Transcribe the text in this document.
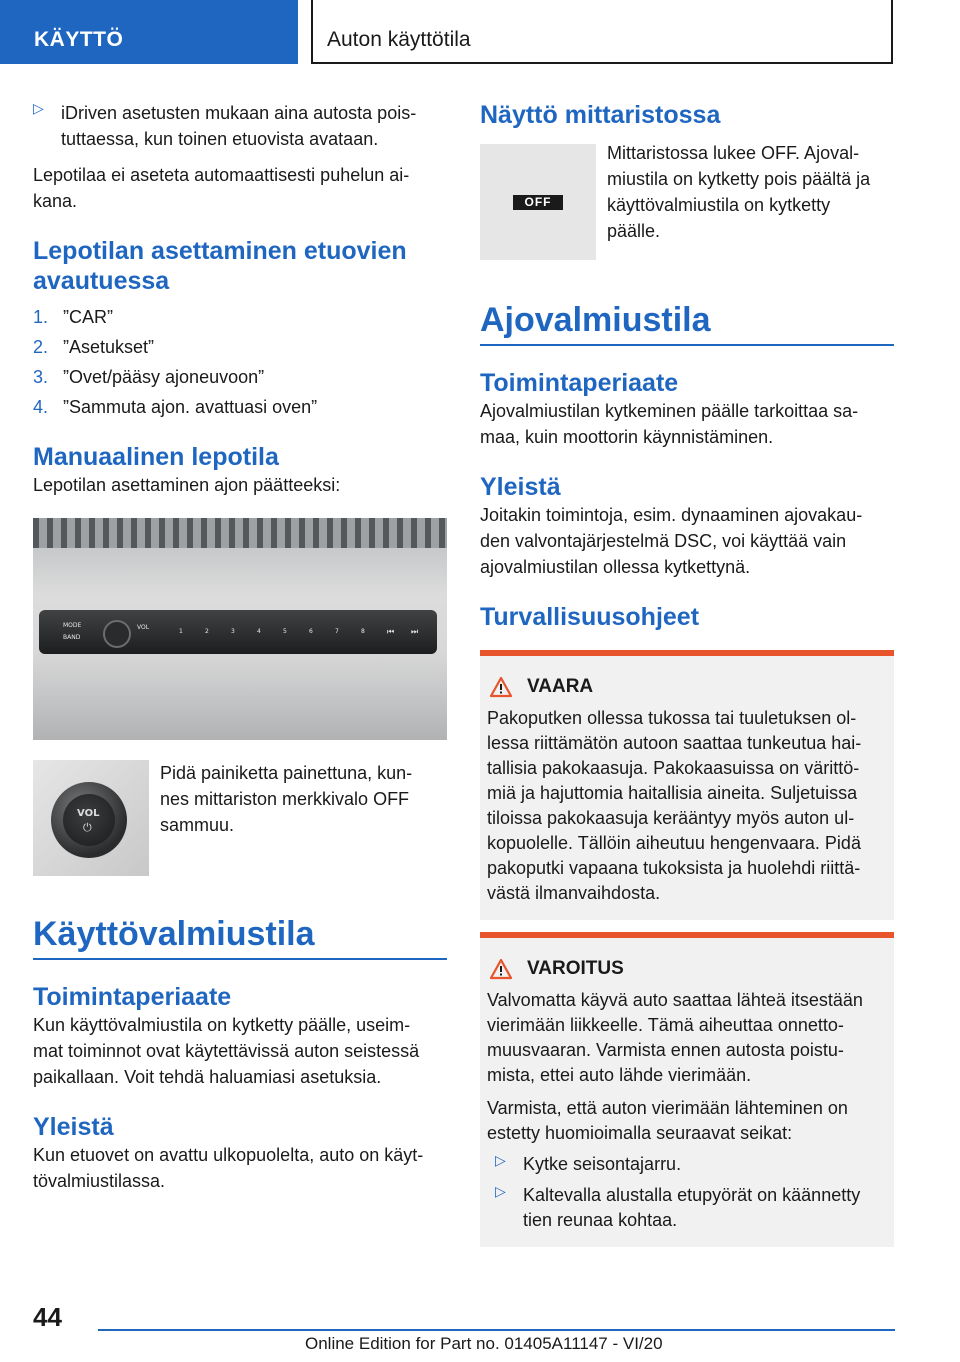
KÄYTTÖ	Auton käyttötila
▷ iDriven asetusten mukaan aina autosta pois-
tuttaessa, kun toinen etuovista avataan.

Lepotilaa ei aseteta automaattisesti puhelun ai-
kana.

Lepotilan asettaminen etuovien
avautuessa
1. ”CAR”
2. ”Asetukset”
3. ”Ovet/pääsy ajoneuvoon”
4. ”Sammuta ajon. avattuasi oven”
Manuaalinen lepotila

Lepotilan asettaminen ajon päätteeksi:

MODE
BAND
VOL
1	2	3	4	5	6	7	8	⏮ ⏭
VOL
⏻

Pidä painiketta painettuna, kun-
nes mittariston merkkivalo OFF
sammuu.

Käyttövalmiustila
Toimintaperiaate

Kun käyttövalmiustila on kytketty päälle, useim-
mat toiminnot ovat käytettävissä auton seistessä
paikallaan. Voit tehdä haluamiasi asetuksia.

Yleistä

Kun etuovet on avattu ulkopuolelta, auto on käyt-
tövalmiustilassa.

Näyttö mittaristossa
OFF

Mittaristossa lukee OFF. Ajoval-
miustila on kytketty pois päältä ja
käyttövalmiustila on kytketty
päälle.

Ajovalmiustila
Toimintaperiaate

Ajovalmiustilan kytkeminen päälle tarkoittaa sa-
maa, kuin moottorin käynnistäminen.

Yleistä

Joitakin toimintoja, esim. dynaaminen ajovakau-
den valvontajärjestelmä DSC, voi käyttää vain
ajovalmiustilan ollessa kytkettynä.

Turvallisuusohjeet
VAARA

Pakoputken ollessa tukossa tai tuuletuksen ol-
lessa riittämätön autoon saattaa tunkeutua hai-
tallisia pakokaasuja. Pakokaasuissa on värittö-
miä ja hajuttomia haitallisia aineita. Suljetuissa
tiloissa pakokaasuja kerääntyy myös auton ul-
kopuolelle. Tällöin aiheutuu hengenvaara. Pidä
pakoputki vapaana tukoksista ja huolehdi riittä-
västä ilmanvaihdosta.

VAROITUS

Valvomatta käyvä auto saattaa lähteä itsestään
vierimään liikkeelle. Tämä aiheuttaa onnetto-
muusvaaran. Varmista ennen autosta poistu-
mista, ettei auto lähde vierimään.

Varmista, että auton vierimään lähteminen on
estetty huomioimalla seuraavat seikat:

▷ Kytke seisontajarru.

▷ Kaltevalla alustalla etupyörät on käännetty
tien reunaa kohtaa.

44
Online Edition for Part no. 01405A11147 - VI/20
